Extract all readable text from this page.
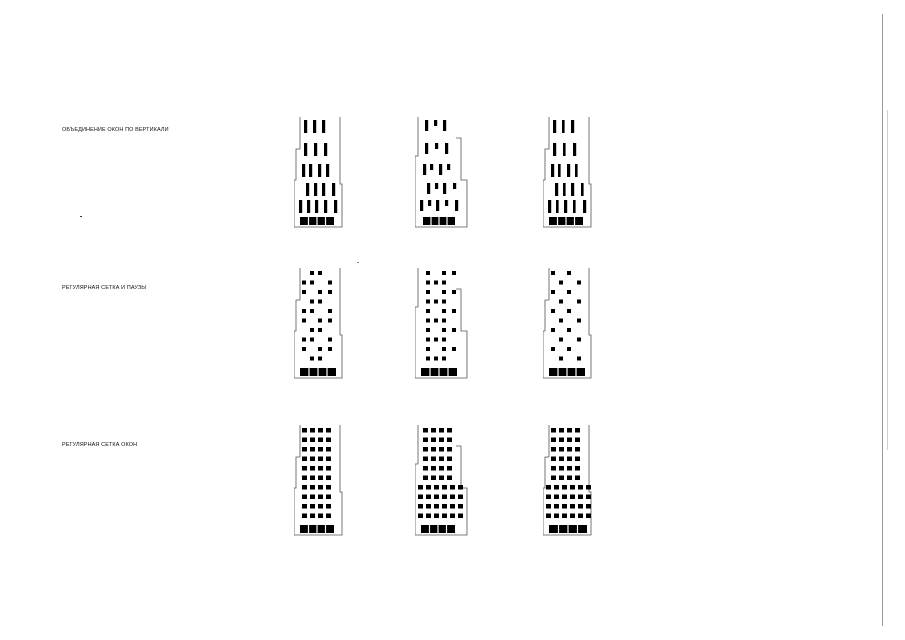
ОБЪЕДИНЕНИЕ ОКОН ПО ВЕРТИКАЛИ
РЕГУЛЯРНАЯ СЕТКА И ПАУЗЫ
РЕГУЛЯРНАЯ СЕТКА ОКОН
